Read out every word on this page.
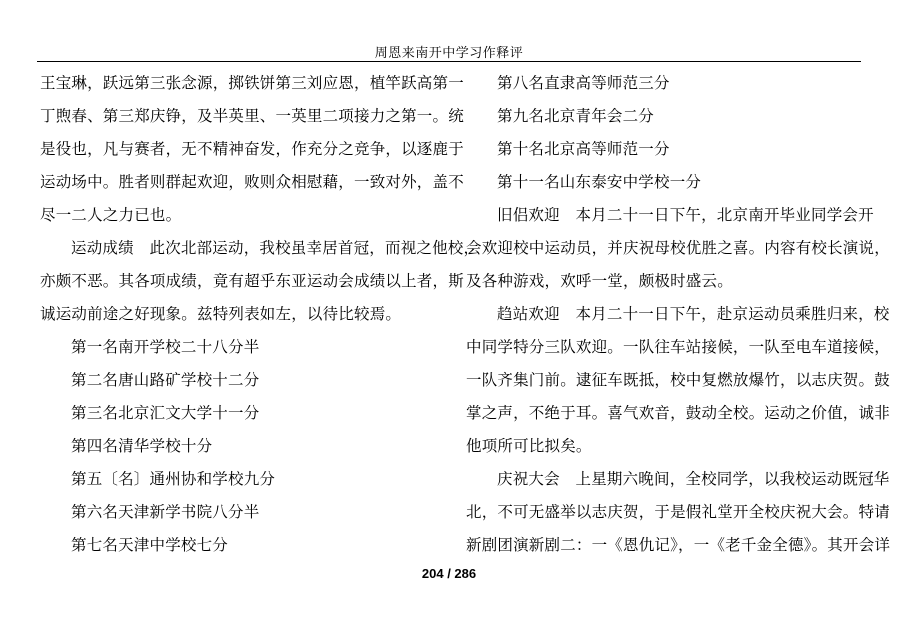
周恩来南开中学习作释评
王宝琳，跃远第三张念源，掷铁饼第三刘应恩，植竿跃高第一
丁煦春、第三郑庆铮，及半英里、一英里二项接力之第一。统
是役也，凡与赛者，无不精神奋发，作充分之竞争，以逐鹿于
运动场中。胜者则群起欢迎，败则众相慰藉，一致对外，盖不
尽一二人之力已也。
运动成绩　此次北部运动，我校虽幸居首冠，而视之他校，
亦颇不恶。其各项成绩，竟有超乎东亚运动会成绩以上者，斯
诚运动前途之好现象。兹特列表如左，以待比较焉。
第一名南开学校二十八分半
第二名唐山路矿学校十二分
第三名北京汇文大学十一分
第四名清华学校十分
第五〔名〕通州协和学校九分
第六名天津新学书院八分半
第七名天津中学校七分
第八名直隶高等师范三分
第九名北京青年会二分
第十名北京高等师范一分
第十一名山东泰安中学校一分
旧侣欢迎　本月二十一日下午，北京南开毕业同学会开
会欢迎校中运动员，并庆祝母校优胜之喜。内容有校长演说，
及各种游戏，欢呼一堂，颇极时盛云。
趋站欢迎　本月二十一日下午，赴京运动员乘胜归来，校
中同学特分三队欢迎。一队往车站接候，一队至电车道接候，
一队齐集门前。逮征车既抵，校中复燃放爆竹，以志庆贺。鼓
掌之声，不绝于耳。喜气欢音，鼓动全校。运动之价值，诚非
他项所可比拟矣。
庆祝大会　上星期六晚间，全校同学，以我校运动既冠华
北，不可无盛举以志庆贺，于是假礼堂开全校庆祝大会。特请
新剧团演新剧二：一《恩仇记》，一《老千金全德》。其开会详
204 / 286
